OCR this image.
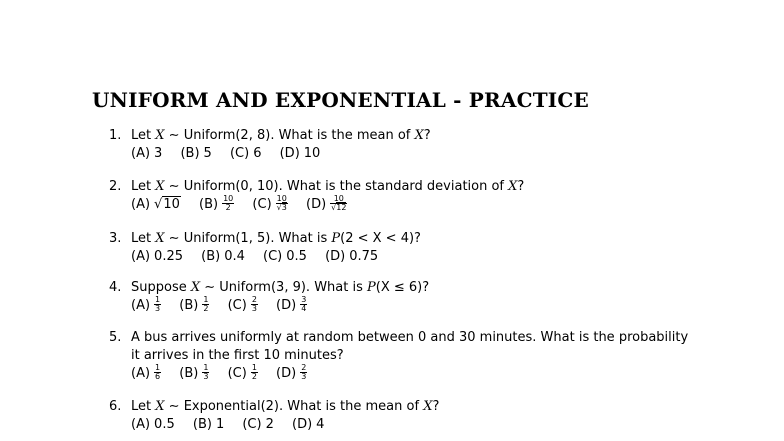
UNIFORM AND EXPONENTIAL - PRACTICE
1. Let X ∼ Uniform(2, 8). What is the mean of X?
(A) 3 (B) 5 (C) 6 (D) 10
2. Let X ∼ Uniform(0, 10). What is the standard deviation of X?
(A) √10 $(B) \frac{10}{2} (C) \frac{10}{√3} (D) \frac{10}{√12}$
3. Let X ∼ Uniform(1, 5). What is P(2 < X < 4)?
(A) 0.25 (B) 0.4 (C) 0.5 (D) 0.75
4. Suppose X ∼ Uniform(3, 9). What is P(X ≤ 6)?
$(A) \frac{1}{3} (B) \frac{1}{2} (C) \frac{2}{3} (D) \frac{3}{4}$
5. A bus arrives uniformly at random between 0 and 30 minutes. What is the probability
it arrives in the first 10 minutes?
$(A) \frac{1}{6} (B) \frac{1}{3} (C) \frac{1}{2} (D) \frac{2}{3}$
6. Let X ∼ Exponential(2). What is the mean of X?
(A) 0.5 (B) 1 (C) 2 (D) 4
